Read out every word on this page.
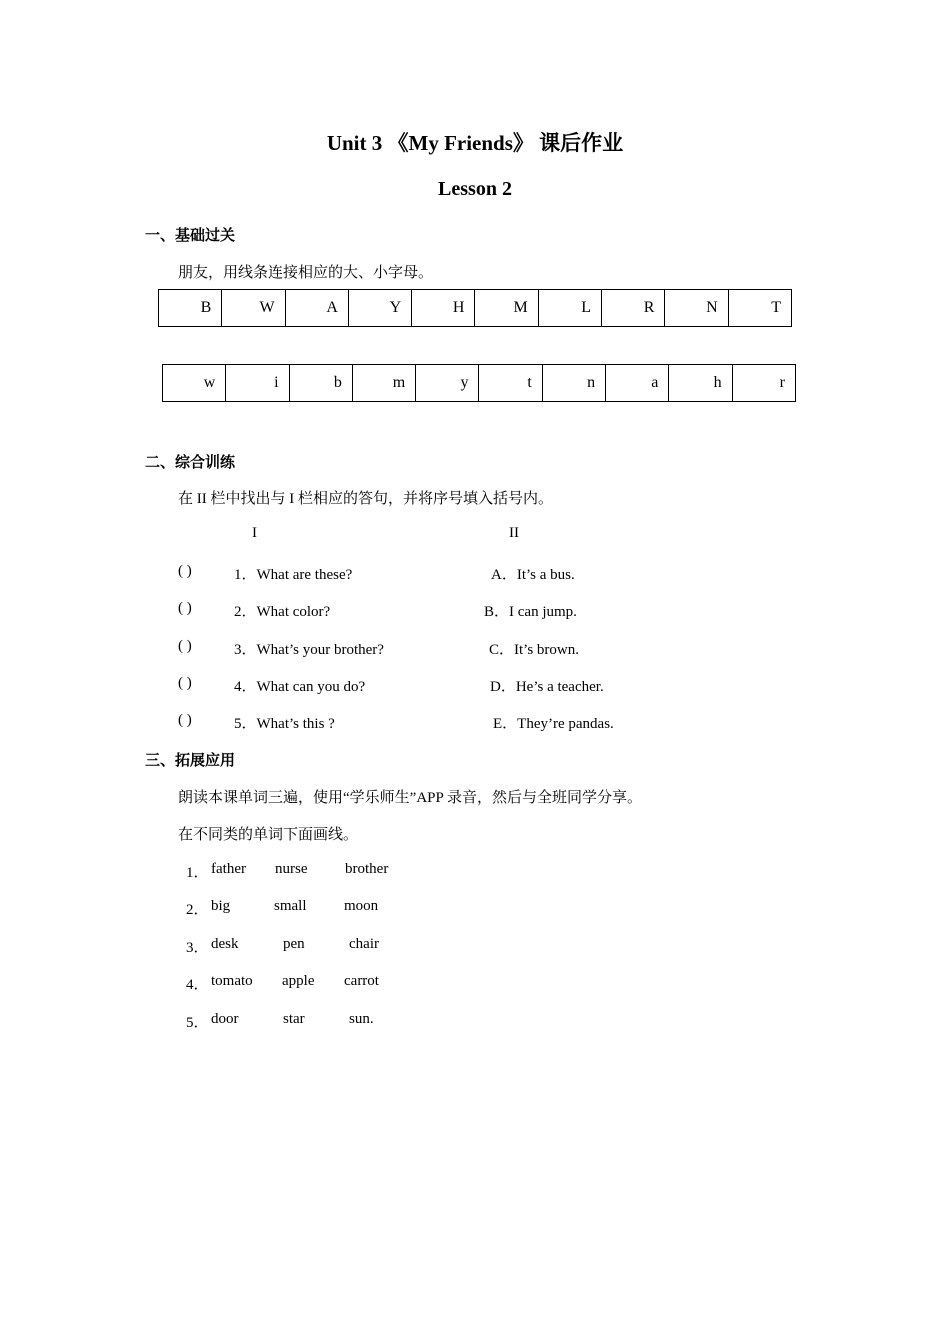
Unit 3 《My Friends》 课后作业
Lesson 2
一、基础过关
朋友，用线条连接相应的大、小字母。
B	W	A	Y	H	M	L	R	N	T
w	i	b	m	y	t	n	a	h	r
二、综合训练
在 II 栏中找出与 I 栏相应的答句，并将序号填入括号内。
I	II
( )	1．What are these?	A．It’s a bus.
( )	2．What color?	B．I can jump.
( )	3．What’s your brother?	C．It’s brown.
( )	4．What can you do?	D．He’s a teacher.
( )	5．What’s this ?	E．They’re pandas.
三、拓展应用
朗读本课单词三遍，使用“学乐师生”APP 录音，然后与全班同学分享。
在不同类的单词下面画线。
1． father nurse	brother
2． big	small	moon
3． desk	pen	chair
4． tomato apple carrot
5． door	star	sun.
